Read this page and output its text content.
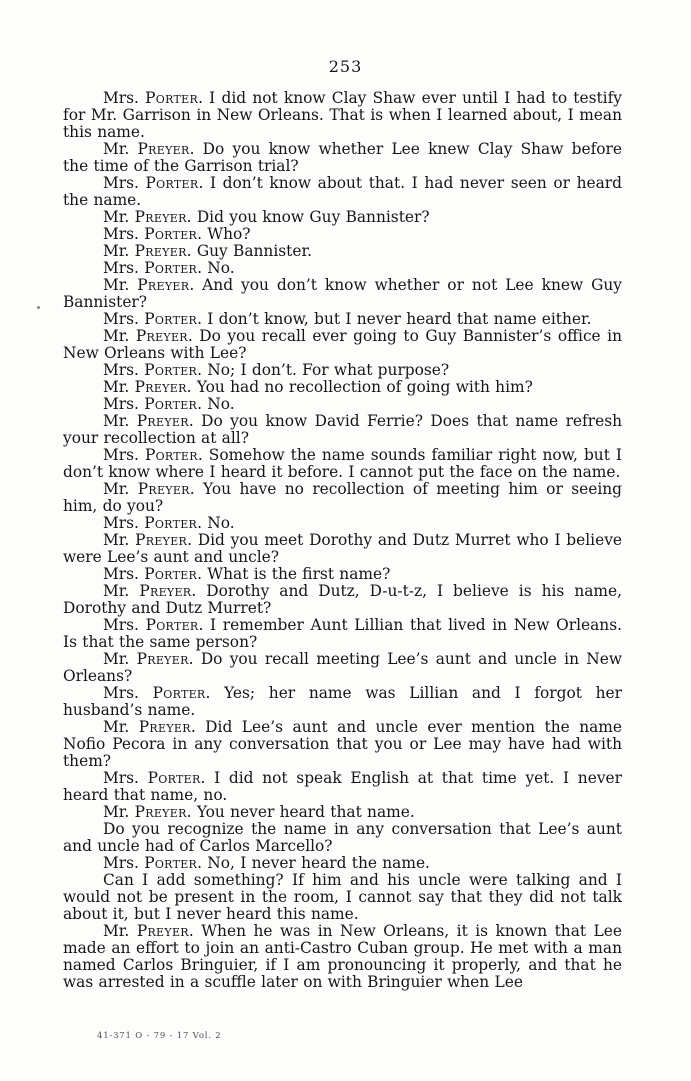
253

Mrs. Porter. I did not know Clay Shaw ever until I had to testify for Mr. Garrison in New Orleans. That is when I learned about, I mean this name.

Mr. Preyer. Do you know whether Lee knew Clay Shaw before the time of the Garrison trial?

Mrs. Porter. I don’t know about that. I had never seen or heard the name.

Mr. Preyer. Did you know Guy Bannister?

Mrs. Porter. Who?

Mr. Preyer. Guy Bannister.

Mrs. Porter. No.

Mr. Preyer. And you don’t know whether or not Lee knew Guy Bannister?

Mrs. Porter. I don’t know, but I never heard that name either.

Mr. Preyer. Do you recall ever going to Guy Bannister’s office in New Orleans with Lee?

Mrs. Porter. No; I don’t. For what purpose?

Mr. Preyer. You had no recollection of going with him?

Mrs. Porter. No.

Mr. Preyer. Do you know David Ferrie? Does that name refresh your recollection at all?

Mrs. Porter. Somehow the name sounds familiar right now, but I don’t know where I heard it before. I cannot put the face on the name.

Mr. Preyer. You have no recollection of meeting him or seeing him, do you?

Mrs. Porter. No.

Mr. Preyer. Did you meet Dorothy and Dutz Murret who I believe were Lee’s aunt and uncle?

Mrs. Porter. What is the first name?

Mr. Preyer. Dorothy and Dutz, D-u-t-z, I believe is his name, Dorothy and Dutz Murret?

Mrs. Porter. I remember Aunt Lillian that lived in New Orleans. Is that the same person?

Mr. Preyer. Do you recall meeting Lee’s aunt and uncle in New Orleans?

Mrs. Porter. Yes; her name was Lillian and I forgot her husband’s name.

Mr. Preyer. Did Lee’s aunt and uncle ever mention the name Nofio Pecora in any conversation that you or Lee may have had with them?

Mrs. Porter. I did not speak English at that time yet. I never heard that name, no.

Mr. Preyer. You never heard that name.

Do you recognize the name in any conversation that Lee’s aunt and uncle had of Carlos Marcello?

Mrs. Porter. No, I never heard the name.

Can I add something? If him and his uncle were talking and I would not be present in the room, I cannot say that they did not talk about it, but I never heard this name.

Mr. Preyer. When he was in New Orleans, it is known that Lee made an effort to join an anti-Castro Cuban group. He met with a man named Carlos Bringuier, if I am pronouncing it properly, and that he was arrested in a scuffle later on with Bringuier when Lee

41-371 O - 79 - 17 Vol. 2
